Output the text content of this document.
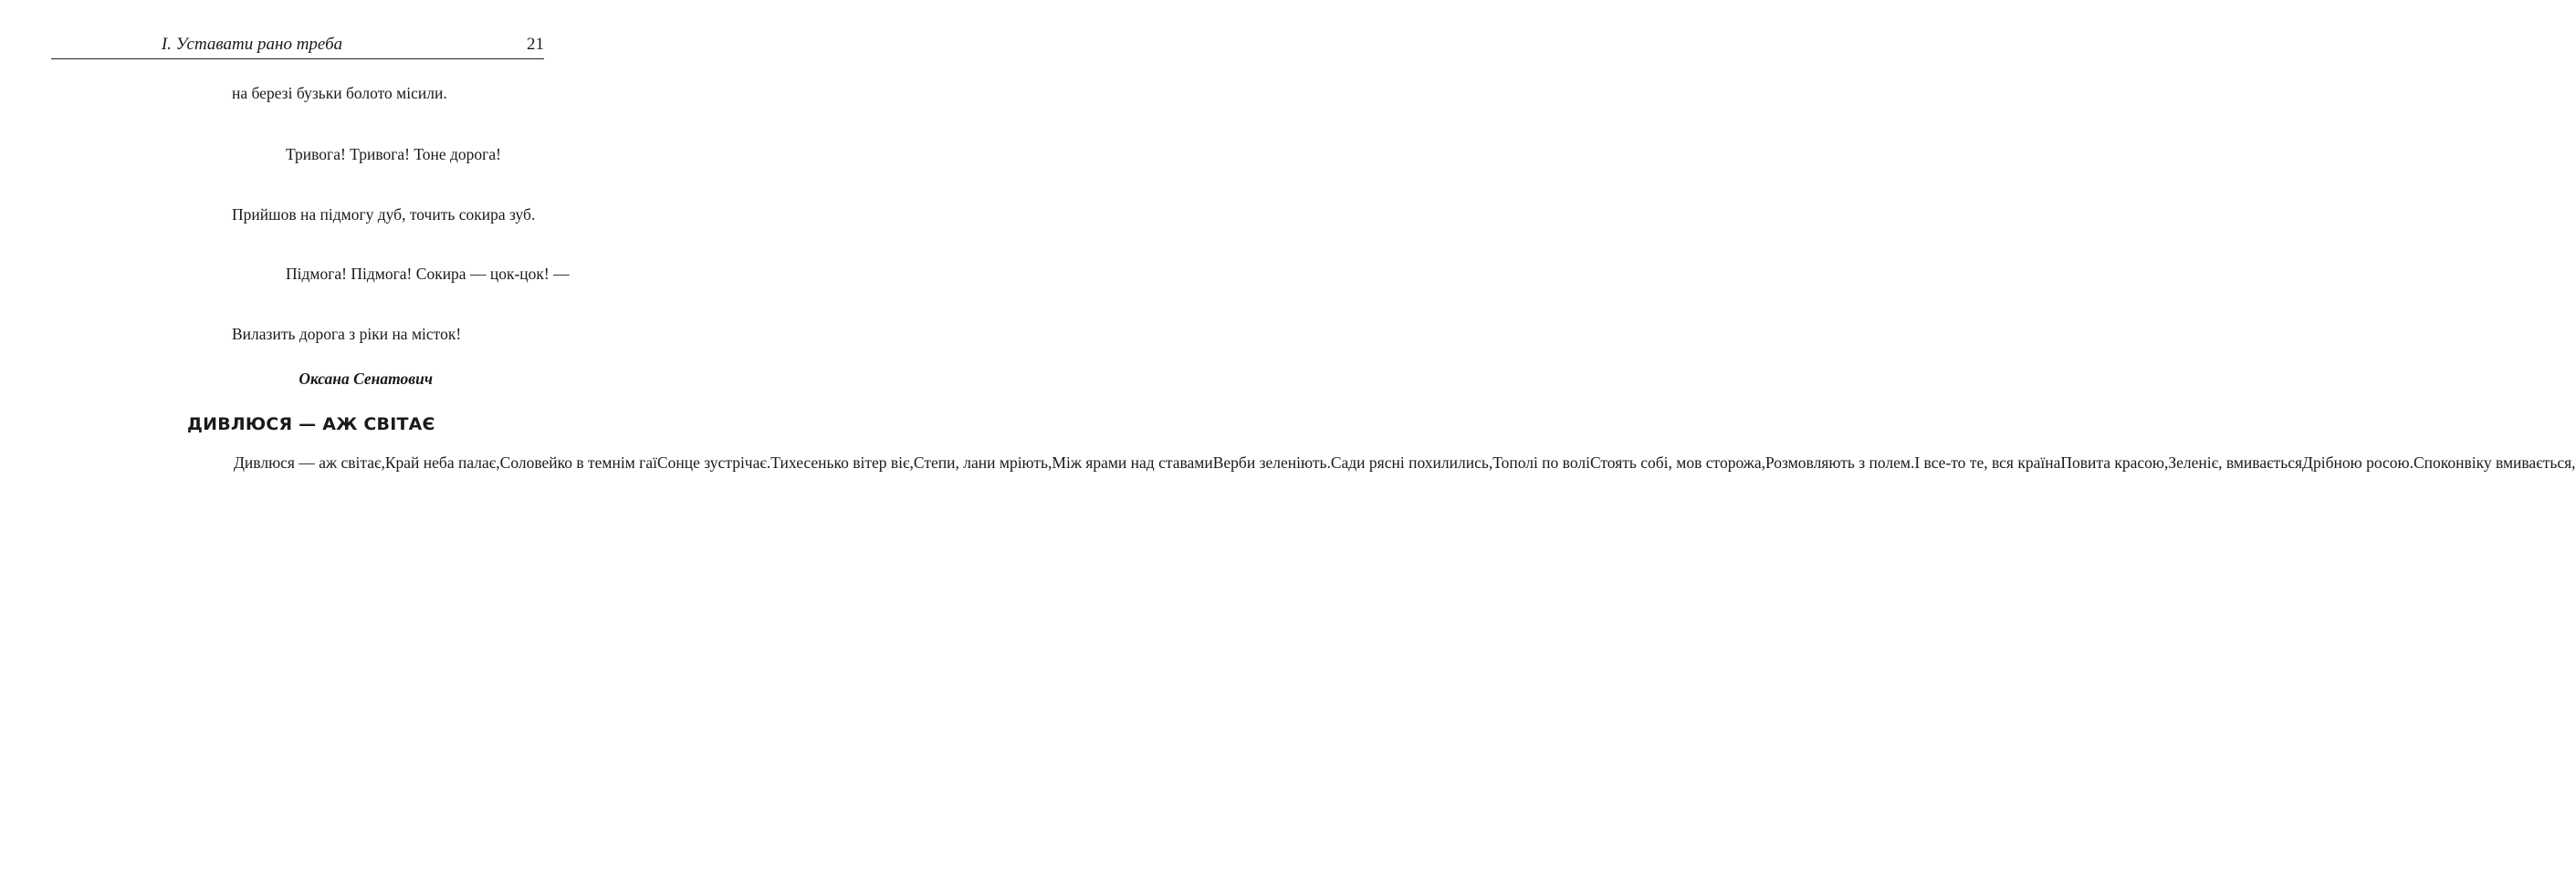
I. Уставати рано треба	21
на березі бузьки болото місили.
Тривога! Тривога! Тоне дорога!
Прийшов на підмогу дуб, точить сокира зуб.
Підмога! Підмога! Сокира — цок-цок! —
Вилазить дорога з ріки на місток!
Оксана Сенатович
ДИВЛЮСЯ — АЖ СВІТАЄ
Дивлюся — аж світає,Край неба палає,Соловейко в темнім гаїСонце зустрічає.Тихесенько вітер віє,Степи, лани мріють,Між ярами над ставамиВерби зеленіють.Сади рясні похилились,Тополі по воліСтоять собі, мов сторожа,Розмовляють з полем.І все-то те, вся країнаПовита красою,Зеленіє, вмиваєтьсяДрібною росою.Споконвіку вмивається,
